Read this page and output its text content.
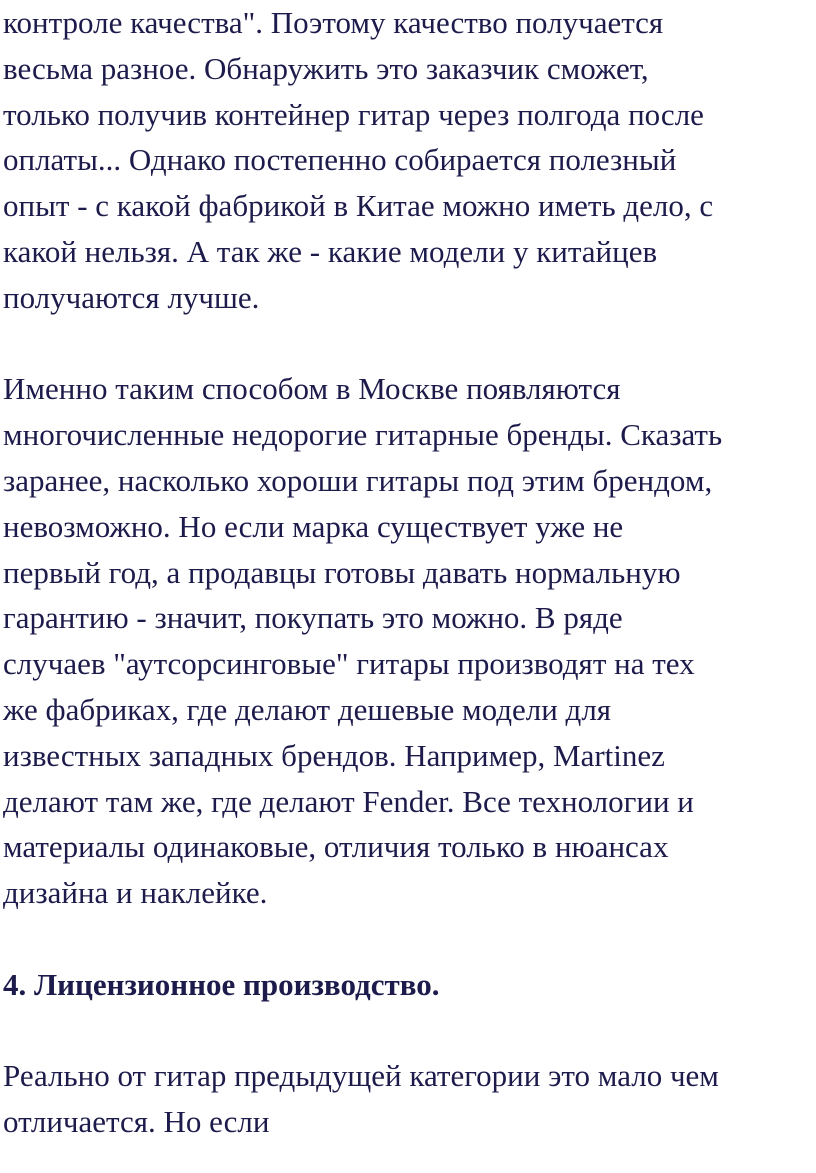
контроле качества". Поэтому качество получается
весьма разное. Обнаружить это заказчик сможет,
только получив контейнер гитар через полгода после
оплаты... Однако постепенно собирается полезный
опыт - с какой фабрикой в Китае можно иметь дело, с
какой нельзя. А так же - какие модели у китайцев
получаются лучше.
Именно таким способом в Москве появляются
многочисленные недорогие гитарные бренды. Сказать
заранее, насколько хороши гитары под этим брендом,
невозможно. Но если марка существует уже не
первый год, а продавцы готовы давать нормальную
гарантию - значит, покупать это можно. В ряде
случаев "аутсорсинговые" гитары производят на тех
же фабриках, где делают дешевые модели для
известных западных брендов. Например, Martinez
делают там же, где делают Fender. Все технологии и
материалы одинаковые, отличия только в нюансах
дизайна и наклейке.
4. Лицензионное производство.
Реально от гитар предыдущей категории это мало чем
отличается. Но если
